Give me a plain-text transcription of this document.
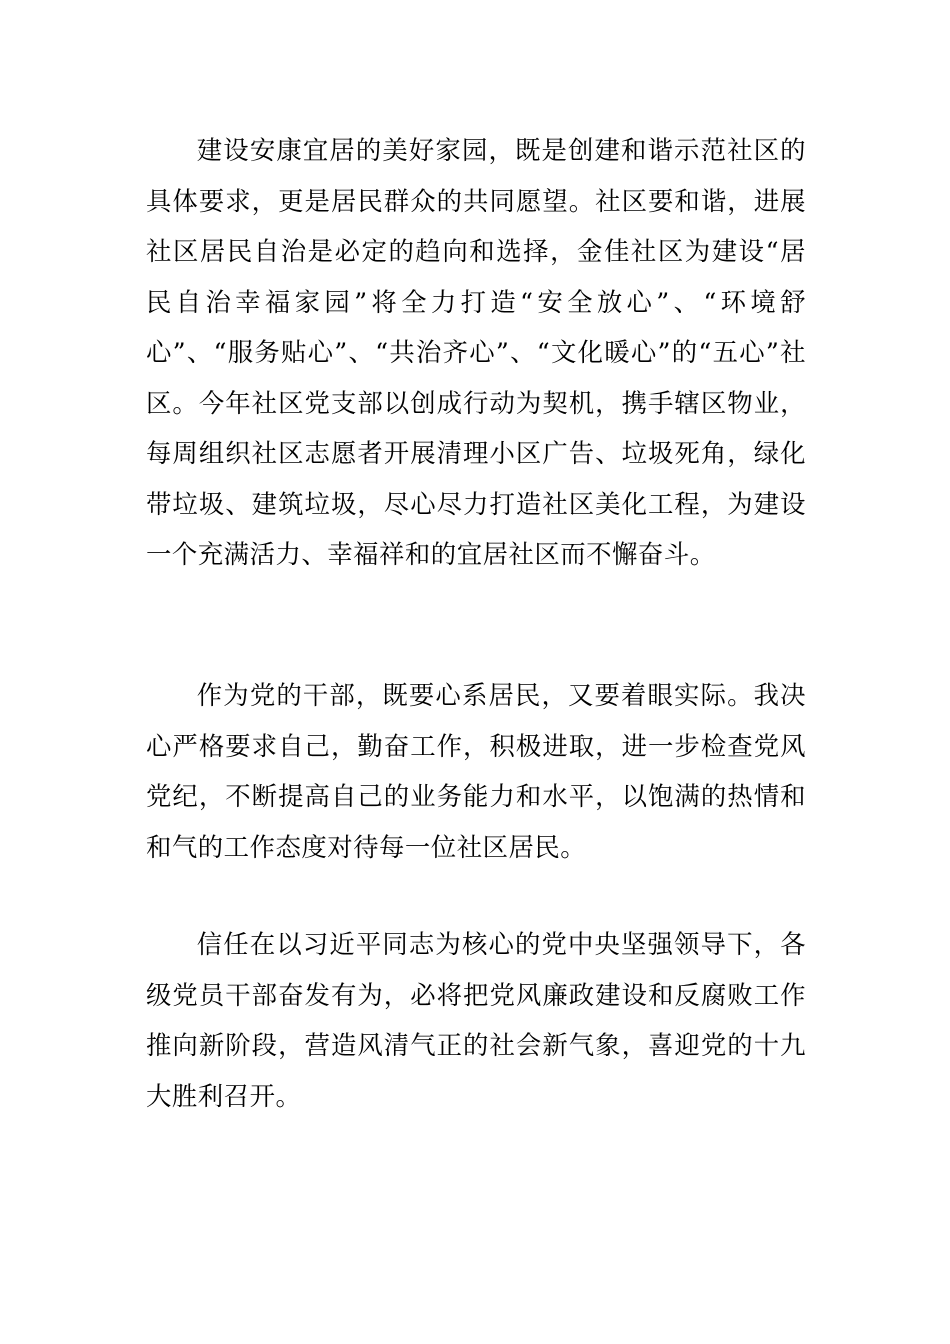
建设安康宜居的美好家园，既是创建和谐示范社区的具体要求，更是居民群众的共同愿望。社区要和谐，进展社区居民自治是必定的趋向和选择，金佳社区为建设“居民自治幸福家园”将全力打造“安全放心”、“环境舒心”、“服务贴心”、“共治齐心”、“文化暖心”的“五心”社区。今年社区党支部以创成行动为契机，携手辖区物业，每周组织社区志愿者开展清理小区广告、垃圾死角，绿化带垃圾、建筑垃圾，尽心尽力打造社区美化工程，为建设一个充满活力、幸福祥和的宜居社区而不懈奋斗。

作为党的干部，既要心系居民，又要着眼实际。我决心严格要求自己，勤奋工作，积极进取，进一步检查党风党纪，不断提高自己的业务能力和水平，以饱满的热情和和气的工作态度对待每一位社区居民。

信任在以习近平同志为核心的党中央坚强领导下，各级党员干部奋发有为，必将把党风廉政建设和反腐败工作推向新阶段，营造风清气正的社会新气象，喜迎党的十九大胜利召开。
